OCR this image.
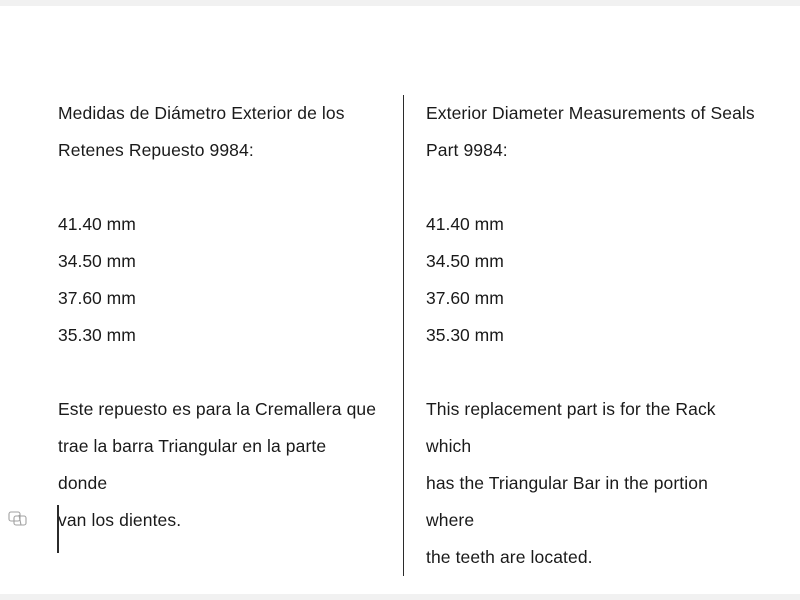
Medidas de Diámetro Exterior de los
Retenes Repuesto 9984:
41.40 mm
34.50 mm
37.60 mm
35.30 mm
Este repuesto es para la Cremallera que
trae la barra Triangular en la parte donde
van los dientes.
Exterior Diameter Measurements of Seals
Part 9984:
41.40 mm
34.50 mm
37.60 mm
35.30 mm
This replacement part is for the Rack which
has the Triangular Bar in the portion where
the teeth are located.
